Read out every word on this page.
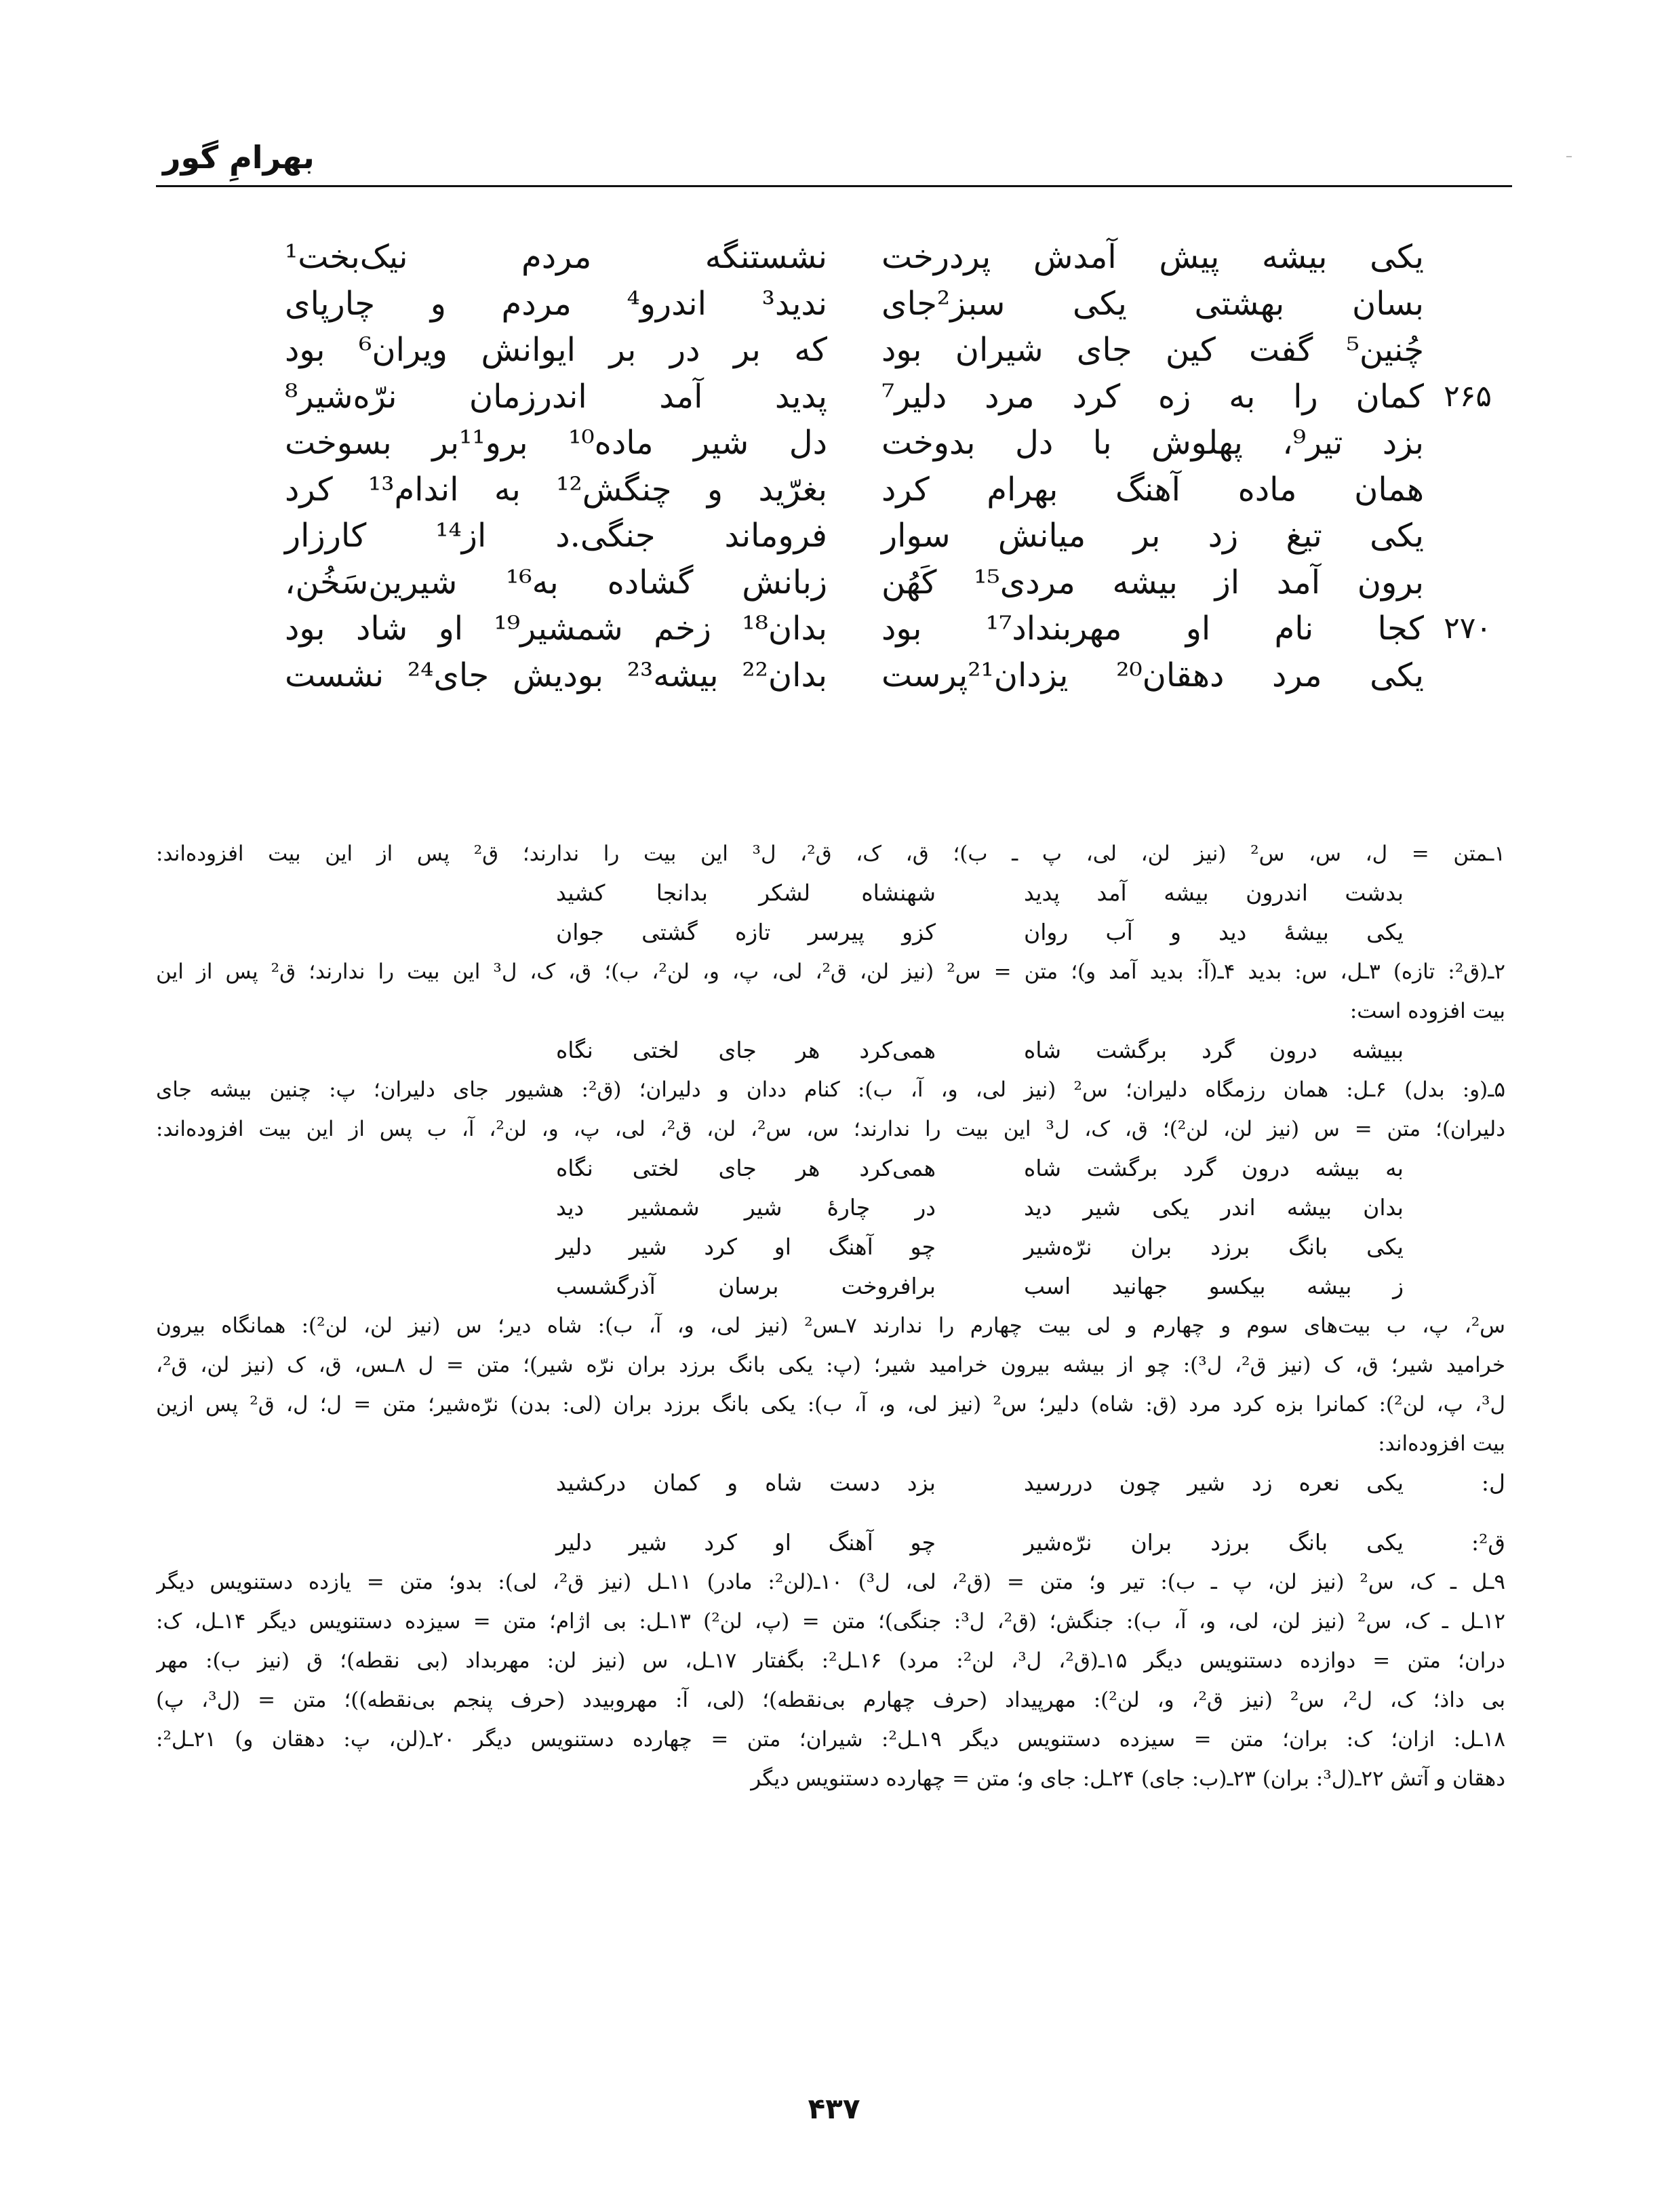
بهرامِ گور
یکی بیشه پیش آمدش پردرخت
نشستنگه مردم نیک‌بخت¹
بسان بهشتی یکی سبز²جای
ندید³ اندرو⁴ مردم و چارپای
چُنین⁵ گفت کین جای شیران بود
که بر در بر ایوانش ویران⁶ بود
۲۶۵
کمان را به زه کرد مرد دلیر⁷
پدید آمد اندرزمان نرّه‌شیر⁸
بزد تیر⁹، پهلوش با دل بدوخت
دل شیر ماده¹⁰ برو¹¹بر بسوخت
همان ماده آهنگ بهرام کرد
بغرّید و چنگش¹² به اندام¹³ کرد
یکی تیغ زد بر میانش سوار
فروماند جنگی.د از¹⁴ کارزار
برون آمد از بیشه مردی¹⁵ کَهُن
زبانش گشاده به¹⁶ شیرین‌سَخُن،
۲۷۰
کجا نام او مهربنداد¹⁷ بود
بدان¹⁸ زخم شمشیر¹⁹ او شاد بود
یکی مرد دهقان²⁰ یزدان²¹پرست
بدان²² بیشه²³ بودیش جای²⁴ نشست
۱ـمتن = ل، س، س² (نیز لن، لی، پ ـ ب)؛ ق، ک، ق²، ل³ این بیت را ندارند؛ ق² پس از این بیت افزوده‌اند:
بدشت اندرون بیشه آمد پدید
شهنشاه لشکر بدانجا کشید
یکی بیشهٔ دید و آب روان
کزو پیرسر تازه گشتی جوان
۲ـ(ق²: تازه) ۳ـل، س: بدید ۴ـ(آ: بدید آمد و)؛ متن = س² (نیز لن، ق²، لی، پ، و، لن²، ب)؛ ق، ک، ل³ این بیت را ندارند؛ ق² پس از این
بیت افزوده است:
ببیشه درون گرد برگشت شاه
همی‌کرد هر جای لختی نگاه
۵ـ(و: بدل) ۶ـل: همان رزمگاه دلیران؛ س² (نیز لی، و، آ، ب): کنام ددان و دلیران؛ (ق²: هشیور جای دلیران؛ پ: چنین بیشه جای
دلیران)؛ متن = س (نیز لن، لن²)؛ ق، ک، ل³ این بیت را ندارند؛ س، س²، لن، ق²، لی، پ، و، لن²، آ، ب پس از این بیت افزوده‌اند:
به بیشه درون گرد برگشت شاه
همی‌کرد هر جای لختی نگاه
بدان بیشه اندر یکی شیر دید
در چارهٔ شیر شمشیر دید
یکی بانگ برزد بران نرّه‌شیر
چو آهنگ او کرد شیر دلیر
ز بیشه بیکسو جهانید اسب
برافروخت برسان آذرگشسب
س²، پ، ب بیت‌های سوم و چهارم و لی بیت چهارم را ندارند ۷ـس² (نیز لی، و، آ، ب): شاه دیر؛ س (نیز لن، لن²): همانگاه بیرون
خرامید شیر؛ ق، ک (نیز ق²، ل³): چو از بیشه بیرون خرامید شیر؛ (پ: یکی بانگ برزد بران نرّه شیر)؛ متن = ل ۸ـس، ق، ک (نیز لن، ق²،
ل³، پ، لن²): کمانرا بزه کرد مرد (ق: شاه) دلیر؛ س² (نیز لی، و، آ، ب): یکی بانگ برزد بران (لی: بدن) نرّه‌شیر؛ متن = ل؛ ل، ق² پس ازین
بیت افزوده‌اند:
ل:
یکی نعره زد شیر چون دررسید
بزد دست شاه و کمان درکشید
ق²:
یکی بانگ برزد بران نرّه‌شیر
چو آهنگ او کرد شیر دلیر
۹ـل ـ ک، س² (نیز لن، پ ـ ب): تیر و؛ متن = (ق²، لی، ل³) ۱۰ـ(لن²: مادر) ۱۱ـل (نیز ق²، لی): بدو؛ متن = یازده دستنویس دیگر
۱۲ـل ـ ک، س² (نیز لن، لی، و، آ، ب): جنگش؛ (ق²، ل³: جنگی)؛ متن = (پ، لن²) ۱۳ـل: بی اژام؛ متن = سیزده دستنویس دیگر ۱۴ـل، ک:
دران؛ متن = دوازده دستنویس دیگر ۱۵ـ(ق²، ل³، لن²: مرد) ۱۶ـل²: بگفتار ۱۷ـل، س (نیز لن: مهربداد (بی نقطه)؛ ق (نیز ب): مهر
بی داذ؛ ک، ل²، س² (نیز ق²، و، لن²): مهرپیداد (حرف چهارم بی‌نقطه)؛ (لی، آ: مهروبیدد (حرف پنجم بی‌نقطه))؛ متن = (ل³، پ)
۱۸ـل: ازان؛ ک: بران؛ متن = سیزده دستنویس دیگر ۱۹ـل²: شیران؛ متن = چهارده دستنویس دیگر ۲۰ـ(لن، پ: دهقان و) ۲۱ـل²:
دهقان و آتش ۲۲ـ(ل³: بران) ۲۳ـ(ب: جای) ۲۴ـل: جای و؛ متن = چهارده دستنویس دیگر
۴۳۷
